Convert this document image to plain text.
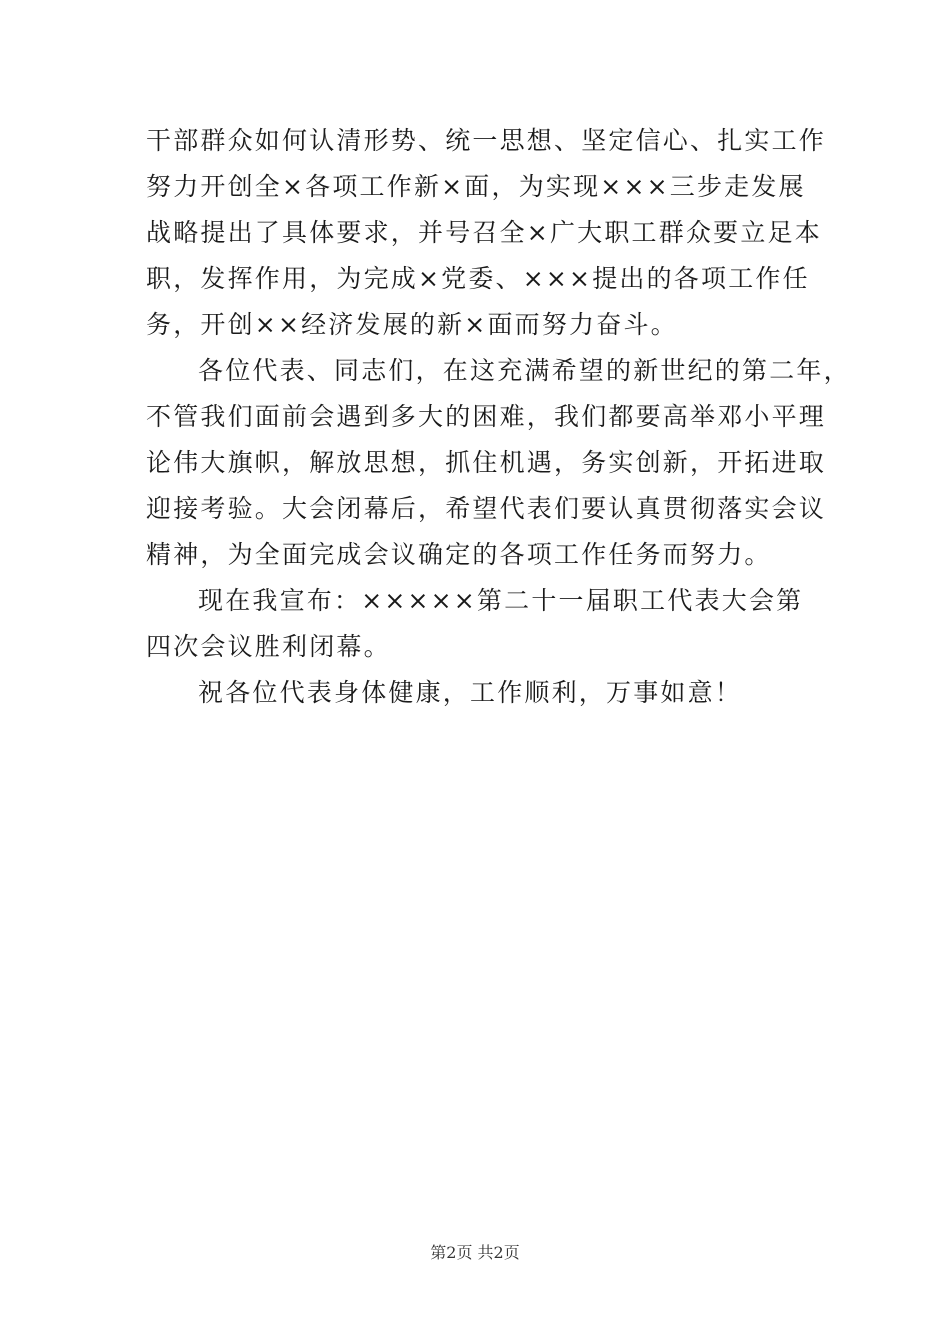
干部群众如何认清形势、统一思想、坚定信心、扎实工作
努力开创全×各项工作新×面，为实现×××三步走发展
战略提出了具体要求，并号召全×广大职工群众要立足本
职，发挥作用，为完成×党委、×××提出的各项工作任
务，开创××经济发展的新×面而努力奋斗。
各位代表、同志们，在这充满希望的新世纪的第二年，
不管我们面前会遇到多大的困难，我们都要高举邓小平理
论伟大旗帜，解放思想，抓住机遇，务实创新，开拓进取
迎接考验。大会闭幕后，希望代表们要认真贯彻落实会议
精神，为全面完成会议确定的各项工作任务而努力。
现在我宣布：×××××第二十一届职工代表大会第
四次会议胜利闭幕。
祝各位代表身体健康，工作顺利，万事如意！
第2页 共2页
